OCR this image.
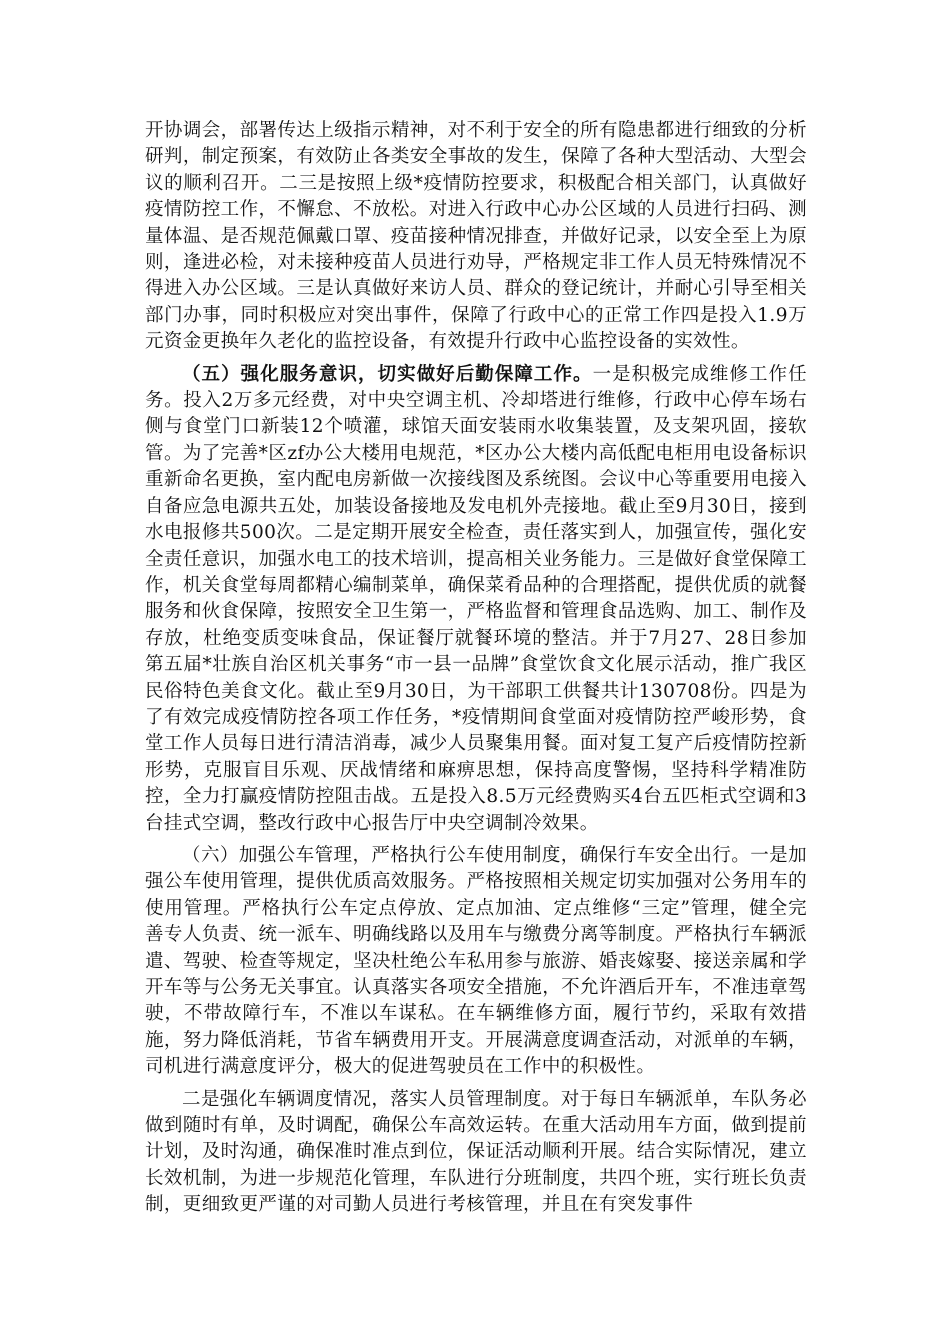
开协调会，部署传达上级指示精神，对不利于安全的所有隐患都进行细致的分析研判，制定预案，有效防止各类安全事故的发生，保障了各种大型活动、大型会议的顺利召开。二三是按照上级*疫情防控要求，积极配合相关部门，认真做好疫情防控工作，不懈怠、不放松。对进入行政中心办公区域的人员进行扫码、测量体温、是否规范佩戴口罩、疫苗接种情况排查，并做好记录，以安全至上为原则，逢进必检，对未接种疫苗人员进行劝导，严格规定非工作人员无特殊情况不得进入办公区域。三是认真做好来访人员、群众的登记统计，并耐心引导至相关部门办事，同时积极应对突出事件，保障了行政中心的正常工作四是投入1.9万元资金更换年久老化的监控设备，有效提升行政中心监控设备的实效性。

（五）强化服务意识，切实做好后勤保障工作。一是积极完成维修工作任务。投入2万多元经费，对中央空调主机、冷却塔进行维修，行政中心停车场右侧与食堂门口新装12个喷灌，球馆天面安装雨水收集装置，及支架巩固，接软管。为了完善*区zf办公大楼用电规范，*区办公大楼内高低配电柜用电设备标识重新命名更换，室内配电房新做一次接线图及系统图。会议中心等重要用电接入自备应急电源共五处，加装设备接地及发电机外壳接地。截止至9月30日，接到水电报修共500次。二是定期开展安全检查，责任落实到人，加强宣传，强化安全责任意识，加强水电工的技术培训，提高相关业务能力。三是做好食堂保障工作，机关食堂每周都精心编制菜单，确保菜肴品种的合理搭配，提供优质的就餐服务和伙食保障，按照安全卫生第一，严格监督和管理食品选购、加工、制作及存放，杜绝变质变味食品，保证餐厅就餐环境的整洁。并于7月27、28日参加第五届*壮族自治区机关事务“市一县一品牌”食堂饮食文化展示活动，推广我区民俗特色美食文化。截止至9月30日，为干部职工供餐共计130708份。四是为了有效完成疫情防控各项工作任务，*疫情期间食堂面对疫情防控严峻形势，食堂工作人员每日进行清洁消毒，减少人员聚集用餐。面对复工复产后疫情防控新形势，克服盲目乐观、厌战情绪和麻痹思想，保持高度警惕，坚持科学精准防控，全力打赢疫情防控阻击战。五是投入8.5万元经费购买4台五匹柜式空调和3台挂式空调，整改行政中心报告厅中央空调制冷效果。

（六）加强公车管理，严格执行公车使用制度，确保行车安全出行。一是加强公车使用管理，提供优质高效服务。严格按照相关规定切实加强对公务用车的使用管理。严格执行公车定点停放、定点加油、定点维修“三定”管理，健全完善专人负责、统一派车、明确线路以及用车与缴费分离等制度。严格执行车辆派遣、驾驶、检查等规定，坚决杜绝公车私用参与旅游、婚丧嫁娶、接送亲属和学开车等与公务无关事宜。认真落实各项安全措施，不允许酒后开车，不准违章驾驶，不带故障行车，不准以车谋私。在车辆维修方面，履行节约，采取有效措施，努力降低消耗，节省车辆费用开支。开展满意度调查活动，对派单的车辆，司机进行满意度评分，极大的促进驾驶员在工作中的积极性。

二是强化车辆调度情况，落实人员管理制度。对于每日车辆派单，车队务必做到随时有单，及时调配，确保公车高效运转。在重大活动用车方面，做到提前计划，及时沟通，确保准时准点到位，保证活动顺利开展。结合实际情况，建立长效机制，为进一步规范化管理，车队进行分班制度，共四个班，实行班长负责制，更细致更严谨的对司勤人员进行考核管理，并且在有突发事件
